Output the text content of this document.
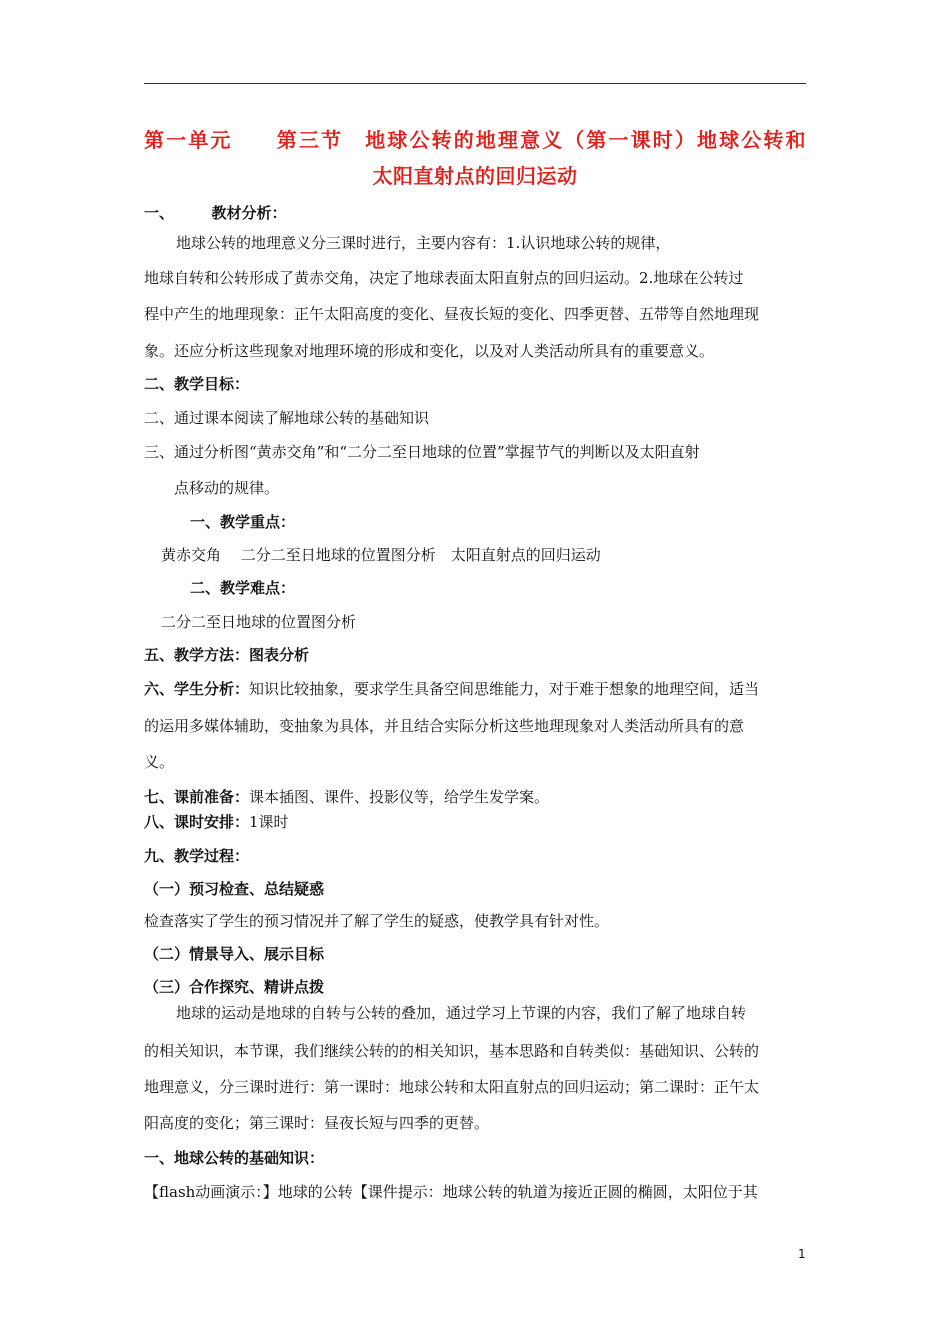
第一单元　　第三节　地球公转的地理意义（第一课时）地球公转和
太阳直射点的回归运动
一、　　　教材分析：
地球公转的地理意义分三课时进行，主要内容有：1.认识地球公转的规律，
地球自转和公转形成了黄赤交角，决定了地球表面太阳直射点的回归运动。2.地球在公转过
程中产生的地理现象：正午太阳高度的变化、昼夜长短的变化、四季更替、五带等自然地理现
象。还应分析这些现象对地理环境的形成和变化，以及对人类活动所具有的重要意义。
二、教学目标：
二、通过课本阅读了解地球公转的基础知识
三、通过分析图“黄赤交角”和“二分二至日地球的位置”掌握节气的判断以及太阳直射
点移动的规律。
一、教学重点：
黄赤交角　 二分二至日地球的位置图分析　太阳直射点的回归运动
二、教学难点：
二分二至日地球的位置图分析
五、教学方法：图表分析
六、学生分析：知识比较抽象，要求学生具备空间思维能力，对于难于想象的地理空间，适当
的运用多媒体辅助，变抽象为具体，并且结合实际分析这些地理现象对人类活动所具有的意
义。
七、课前准备：课本插图、课件、投影仪等，给学生发学案。
八、课时安排：1课时
九、教学过程：
（一）预习检查、总结疑惑
检查落实了学生的预习情况并了解了学生的疑惑，使教学具有针对性。
（二）情景导入、展示目标
（三）合作探究、精讲点拨
地球的运动是地球的自转与公转的叠加，通过学习上节课的内容，我们了解了地球自转
的相关知识，本节课，我们继续公转的的相关知识，基本思路和自转类似：基础知识、公转的
地理意义，分三课时进行：第一课时：地球公转和太阳直射点的回归运动；第二课时：正午太
阳高度的变化；第三课时：昼夜长短与四季的更替。
一、地球公转的基础知识：
【flash动画演示：】地球的公转【课件提示：地球公转的轨道为接近正圆的椭圆，太阳位于其
1
